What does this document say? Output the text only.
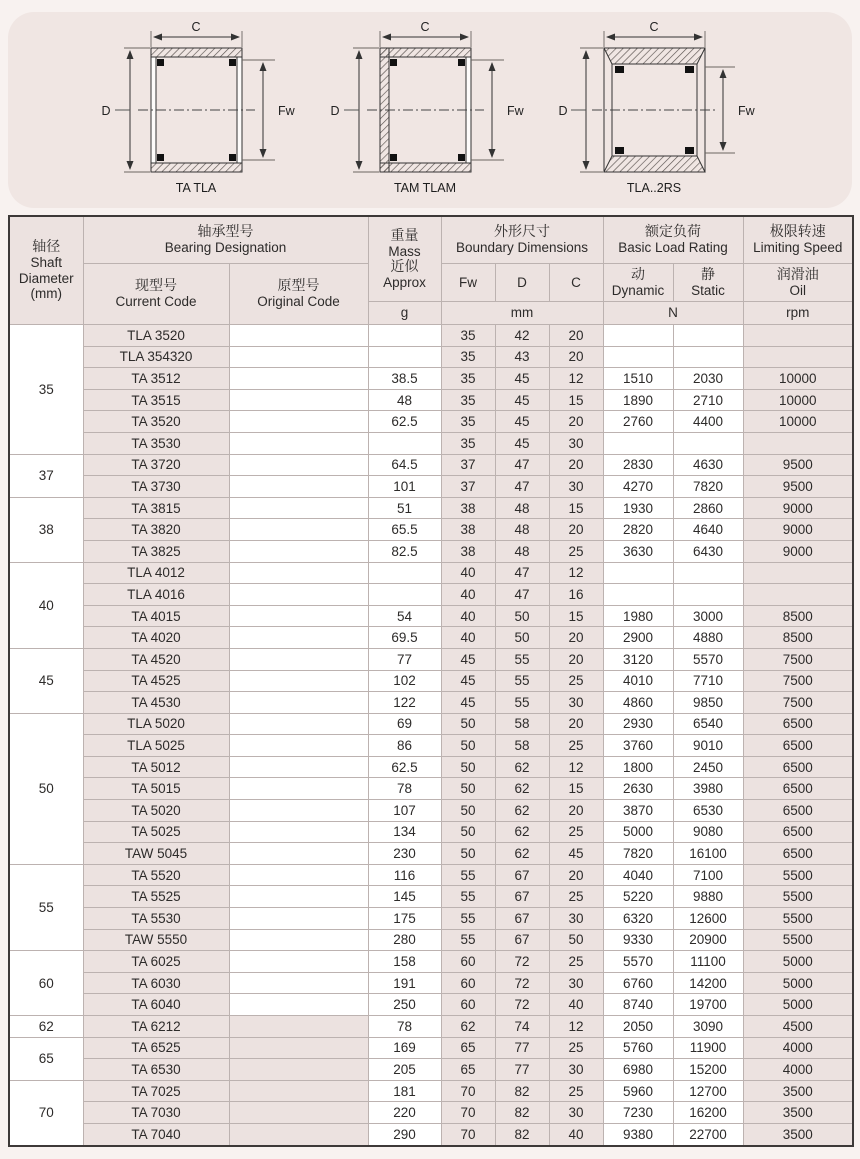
C
D	Fw
TA TLA
C
D	Fw
TAM TLAM
C
D	Fw
TLA..2RS
轴径
Shaft
Diameter
(mm)

轴承型号
Bearing Designation

重量
Mass
近似
Approx

外形尺寸
Boundary Dimensions

额定负荷
Basic Load Rating

极限转速
Limiting Speed

现型号
Current Code

原型号
Original Code

Fw	D	C

动
Dynamic

静
Static

润滑油
Oil

			g	mm			N		rpm
35	TLA 3520			35	42	20			
	TLA 354320			35	43	20			
	TA 3512		38.5	35	45	12	1510	2030	10000
	TA 3515		48	35	45	15	1890	2710	10000
	TA 3520		62.5	35	45	20	2760	4400	10000
	TA 3530			35	45	30			
37	TA 3720		64.5	37	47	20	2830	4630	9500
	TA 3730		101	37	47	30	4270	7820	9500
38	TA 3815		51	38	48	15	1930	2860	9000
	TA 3820		65.5	38	48	20	2820	4640	9000
	TA 3825		82.5	38	48	25	3630	6430	9000
40	TLA 4012			40	47	12			
	TLA 4016			40	47	16			
	TA 4015		54	40	50	15	1980	3000	8500
	TA 4020		69.5	40	50	20	2900	4880	8500
45	TA 4520		77	45	55	20	3120	5570	7500
	TA 4525		102	45	55	25	4010	7710	7500
	TA 4530		122	45	55	30	4860	9850	7500
50	TLA 5020		69	50	58	20	2930	6540	6500
	TLA 5025		86	50	58	25	3760	9010	6500
	TA 5012		62.5	50	62	12	1800	2450	6500
	TA 5015		78	50	62	15	2630	3980	6500
	TA 5020		107	50	62	20	3870	6530	6500
	TA 5025		134	50	62	25	5000	9080	6500
	TAW 5045		230	50	62	45	7820	16100	6500
55	TA 5520		116	55	67	20	4040	7100	5500
	TA 5525		145	55	67	25	5220	9880	5500
	TA 5530		175	55	67	30	6320	12600	5500
	TAW 5550		280	55	67	50	9330	20900	5500
60	TA 6025		158	60	72	25	5570	11100	5000
	TA 6030		191	60	72	30	6760	14200	5000
	TA 6040		250	60	72	40	8740	19700	5000
62	TA 6212		78	62	74	12	2050	3090	4500
65	TA 6525		169	65	77	25	5760	11900	4000
	TA 6530		205	65	77	30	6980	15200	4000
70	TA 7025		181	70	82	25	5960	12700	3500
	TA 7030		220	70	82	30	7230	16200	3500
	TA 7040		290	70	82	40	9380	22700	3500
